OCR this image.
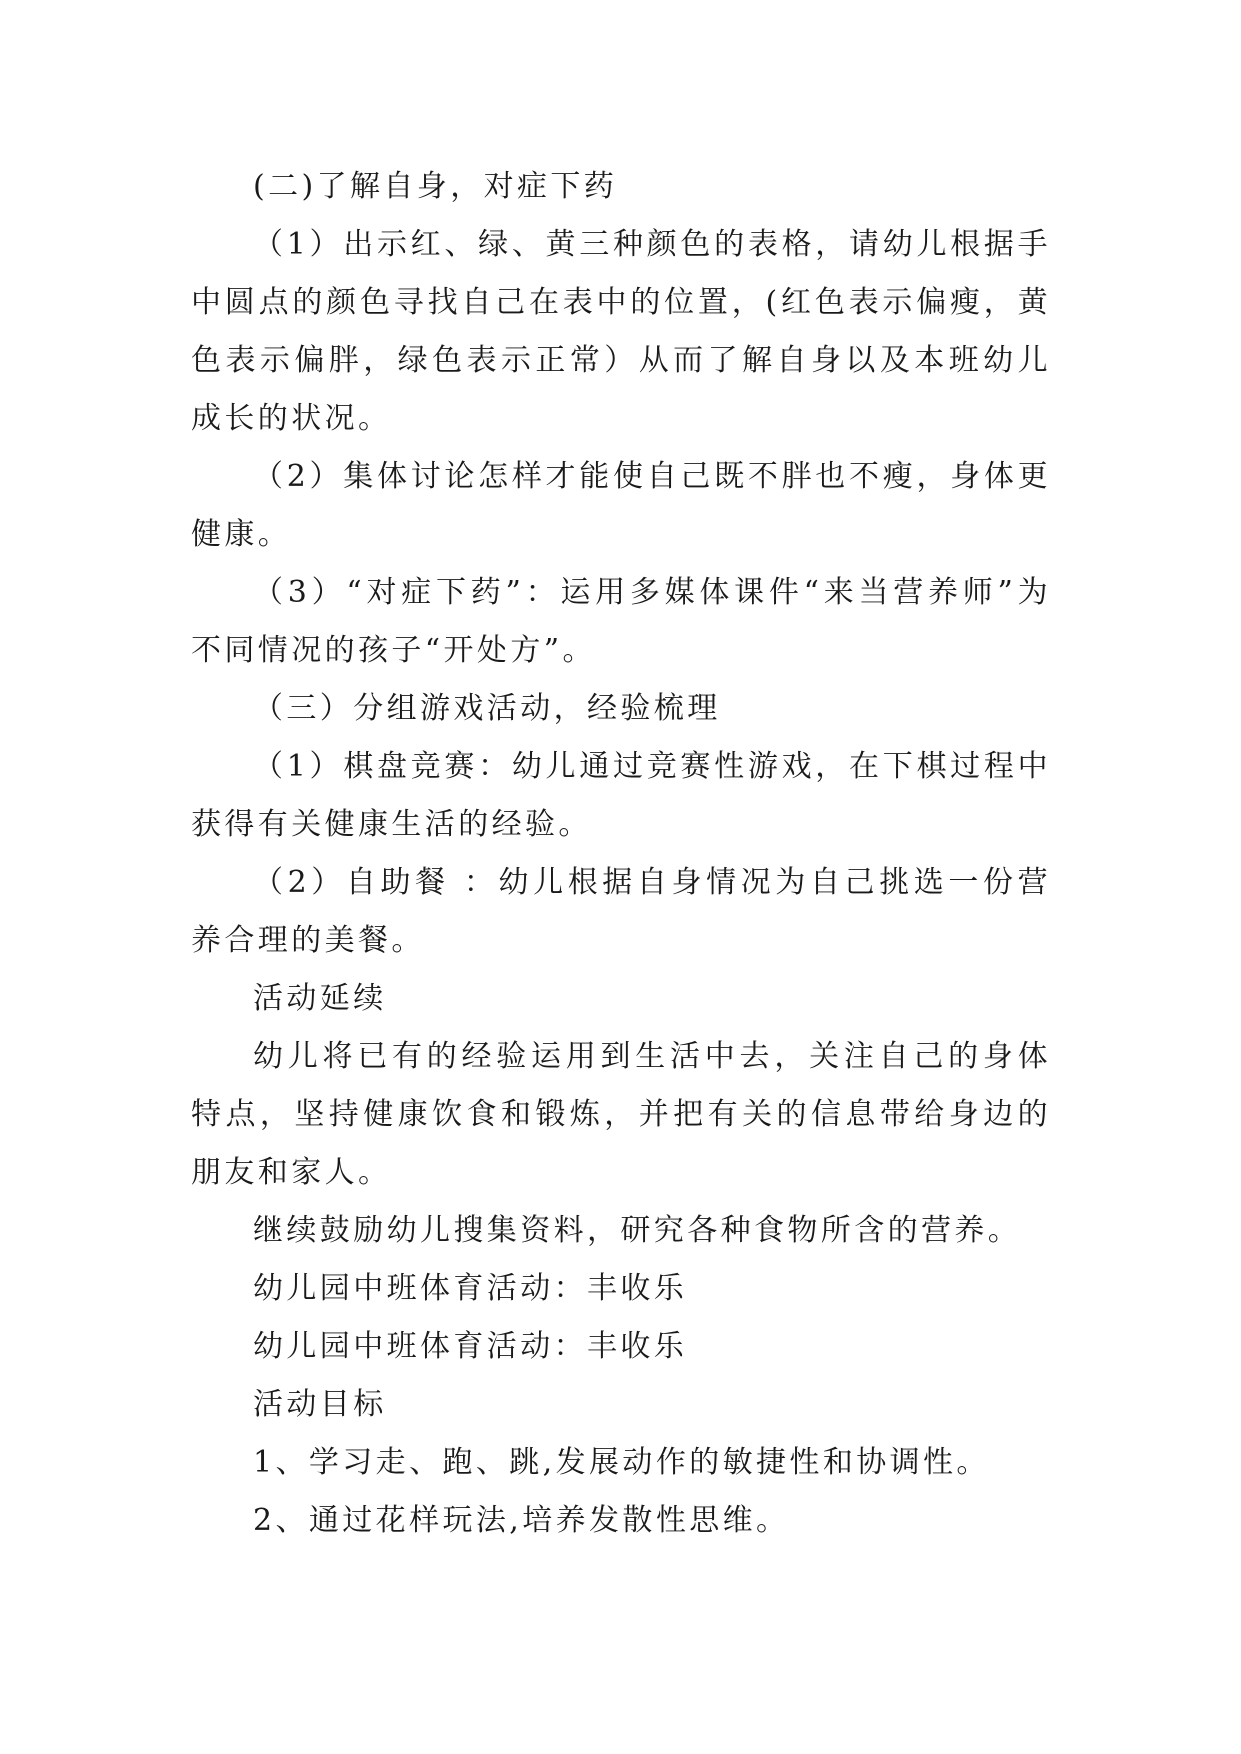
(二)了解自身，对症下药

（1）出示红、绿、黄三种颜色的表格，请幼儿根据手中圆点的颜色寻找自己在表中的位置，(红色表示偏瘦，黄色表示偏胖，绿色表示正常）从而了解自身以及本班幼儿成长的状况。

（2）集体讨论怎样才能使自己既不胖也不瘦，身体更健康。

（3）“对症下药”：运用多媒体课件“来当营养师”为不同情况的孩子“开处方”。

（三）分组游戏活动，经验梳理

（1）棋盘竞赛：幼儿通过竞赛性游戏，在下棋过程中获得有关健康生活的经验。

（2）自助餐 ：幼儿根据自身情况为自己挑选一份营养合理的美餐。

活动延续

幼儿将已有的经验运用到生活中去，关注自己的身体特点，坚持健康饮食和锻炼，并把有关的信息带给身边的朋友和家人。

继续鼓励幼儿搜集资料，研究各种食物所含的营养。

幼儿园中班体育活动：丰收乐

幼儿园中班体育活动：丰收乐

活动目标

1、学习走、跑、跳,发展动作的敏捷性和协调性。

2、通过花样玩法,培养发散性思维。
